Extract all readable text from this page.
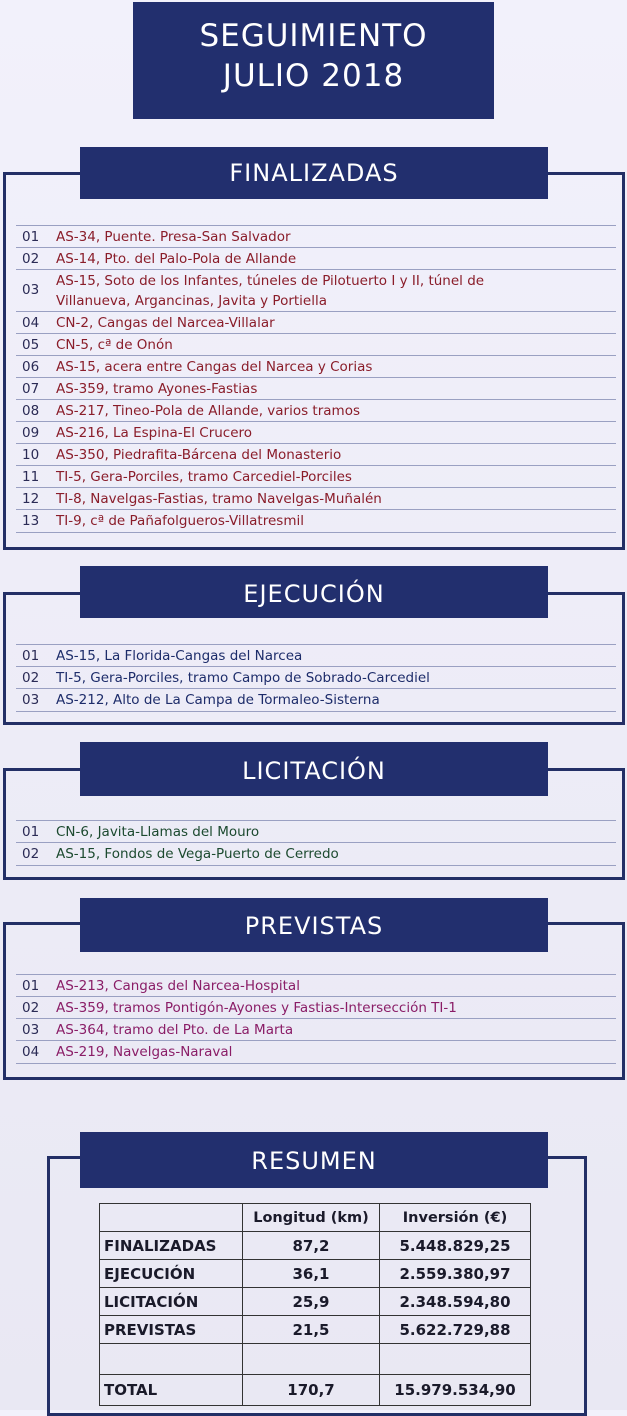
SEGUIMIENTO
JULIO 2018
FINALIZADAS
01 AS-34, Puente. Presa-San Salvador
02 AS-14, Pto. del Palo-Pola de Allande
03
AS-15, Soto de los Infantes, túneles de Pilotuerto I y II, túnel de Villanueva, Argancinas, Javita y Portiella
04 CN-2, Cangas del Narcea-Villalar
05 CN-5, cª de Onón
06 AS-15, acera entre Cangas del Narcea y Corias
07 AS-359, tramo Ayones-Fastias
08 AS-217, Tineo-Pola de Allande, varios tramos
09 AS-216, La Espina-El Crucero
10 AS-350, Piedrafita-Bárcena del Monasterio
11 TI-5, Gera-Porciles, tramo Carcediel-Porciles
12 TI-8, Navelgas-Fastias, tramo Navelgas-Muñalén
13 TI-9, cª de Pañafolgueros-Villatresmil
EJECUCIÓN
01 AS-15, La Florida-Cangas del Narcea
02 TI-5, Gera-Porciles, tramo Campo de Sobrado-Carcediel
03 AS-212, Alto de La Campa de Tormaleo-Sisterna
LICITACIÓN
01 CN-6, Javita-Llamas del Mouro
02 AS-15, Fondos de Vega-Puerto de Cerredo
PREVISTAS
01 AS-213, Cangas del Narcea-Hospital
02 AS-359, tramos Pontigón-Ayones y Fastias-Intersección TI-1
03 AS-364, tramo del Pto. de La Marta
04 AS-219, Navelgas-Naraval
RESUMEN
	Longitud (km)	Inversión (€)
FINALIZADAS	87,2	5.448.829,25
EJECUCIÓN	36,1	2.559.380,97
LICITACIÓN	25,9	2.348.594,80
PREVISTAS	21,5	5.622.729,88

TOTAL	170,7	15.979.534,90
